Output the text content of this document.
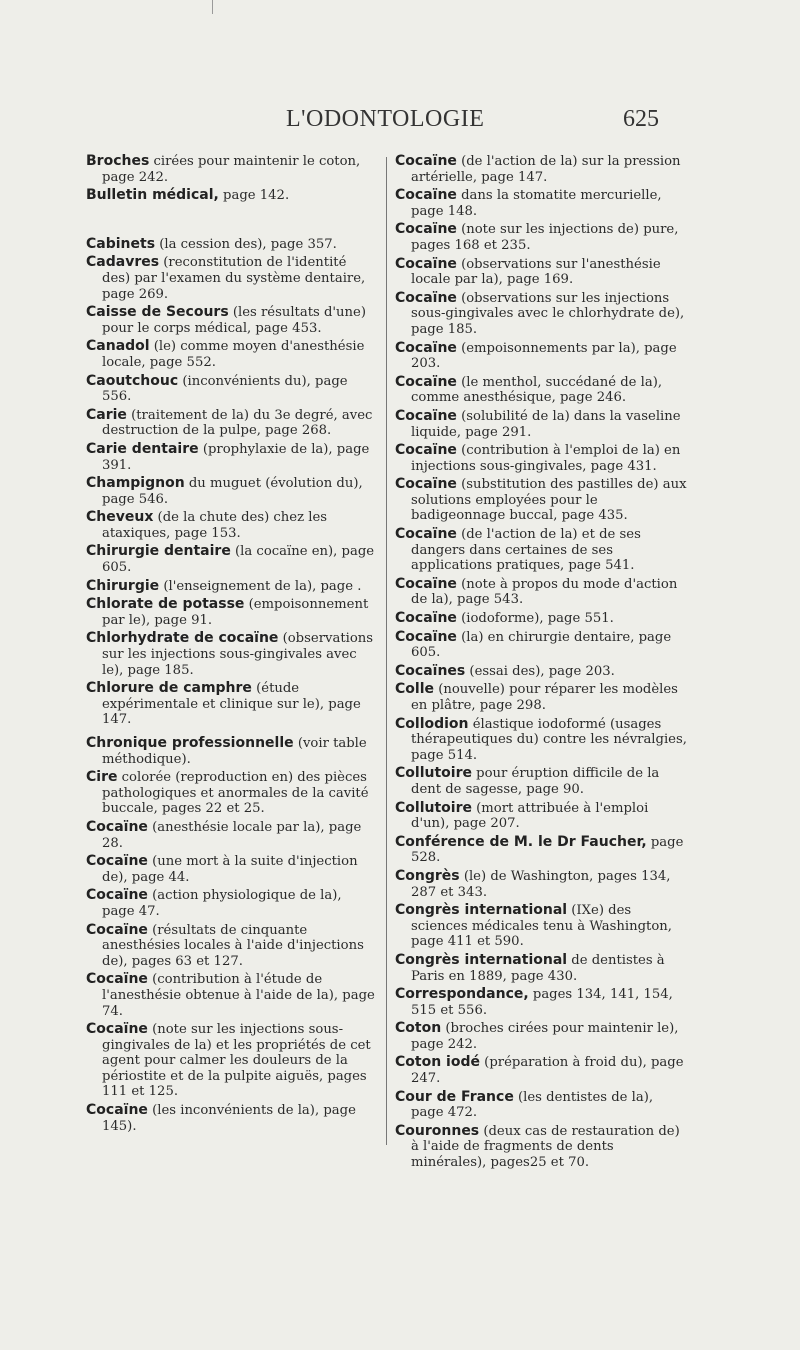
L'ODONTOLOGIE	625

Broches cirées pour maintenir le coton, page 242.

Bulletin médical, page 142.

Cabinets (la cession des), page 357.

Cadavres (reconstitution de l'identité des) par l'examen du système dentaire, page 269.

Caisse de Secours (les résultats d'une) pour le corps médical, page 453.

Canadol (le) comme moyen d'anesthésie locale, page 552.

Caoutchouc (inconvénients du), page 556.

Carie (traitement de la) du 3e degré, avec destruction de la pulpe, page 268.

Carie dentaire (prophylaxie de la), page 391.

Champignon du muguet (évolution du), page 546.

Cheveux (de la chute des) chez les ataxiques, page 153.

Chirurgie dentaire (la cocaïne en), page 605.

Chirurgie (l'enseignement de la), page .

Chlorate de potasse (empoisonnement par le), page 91.

Chlorhydrate de cocaïne (observations sur les injections sous-gingivales avec le), page 185.

Chlorure de camphre (étude expérimentale et clinique sur le), page 147.

Chronique professionnelle (voir table méthodique).

Cire colorée (reproduction en) des pièces pathologiques et anormales de la cavité buccale, pages 22 et 25.

Cocaïne (anesthésie locale par la), page 28.

Cocaïne (une mort à la suite d'injection de), page 44.

Cocaïne (action physiologique de la), page 47.

Cocaïne (résultats de cinquante anesthésies locales à l'aide d'injections de), pages 63 et 127.

Cocaïne (contribution à l'étude de l'anesthésie obtenue à l'aide de la), page 74.

Cocaïne (note sur les injections sous-gingivales de la) et les propriétés de cet agent pour calmer les douleurs de la périostite et de la pulpite aiguës, pages 111 et 125.

Cocaïne (les inconvénients de la), page 145).

Cocaïne (de l'action de la) sur la pression artérielle, page 147.

Cocaïne dans la stomatite mercurielle, page 148.

Cocaïne (note sur les injections de) pure, pages 168 et 235.

Cocaïne (observations sur l'anesthésie locale par la), page 169.

Cocaïne (observations sur les injections sous-gingivales avec le chlorhydrate de), page 185.

Cocaïne (empoisonnements par la), page 203.

Cocaïne (le menthol, succédané de la), comme anesthésique, page 246.

Cocaïne (solubilité de la) dans la vaseline liquide, page 291.

Cocaïne (contribution à l'emploi de la) en injections sous-gingivales, page 431.

Cocaïne (substitution des pastilles de) aux solutions employées pour le badigeonnage buccal, page 435.

Cocaïne (de l'action de la) et de ses dangers dans certaines de ses applications pratiques, page 541.

Cocaïne (note à propos du mode d'action de la), page 543.

Cocaïne (iodoforme), page 551.

Cocaïne (la) en chirurgie dentaire, page 605.

Cocaïnes (essai des), page 203.

Colle (nouvelle) pour réparer les modèles en plâtre, page 298.

Collodion élastique iodoformé (usages thérapeutiques du) contre les névralgies, page 514.

Collutoire pour éruption difficile de la dent de sagesse, page 90.

Collutoire (mort attribuée à l'emploi d'un), page 207.

Conférence de M. le Dr Faucher, page 528.

Congrès (le) de Washington, pages 134, 287 et 343.

Congrès international (IXe) des sciences médicales tenu à Washington, page 411 et 590.

Congrès international de dentistes à Paris en 1889, page 430.

Correspondance, pages 134, 141, 154, 515 et 556.

Coton (broches cirées pour maintenir le), page 242.

Coton iodé (préparation à froid du), page 247.

Cour de France (les dentistes de la), page 472.

Couronnes (deux cas de restauration de) à l'aide de fragments de dents minérales), pages25 et 70.
